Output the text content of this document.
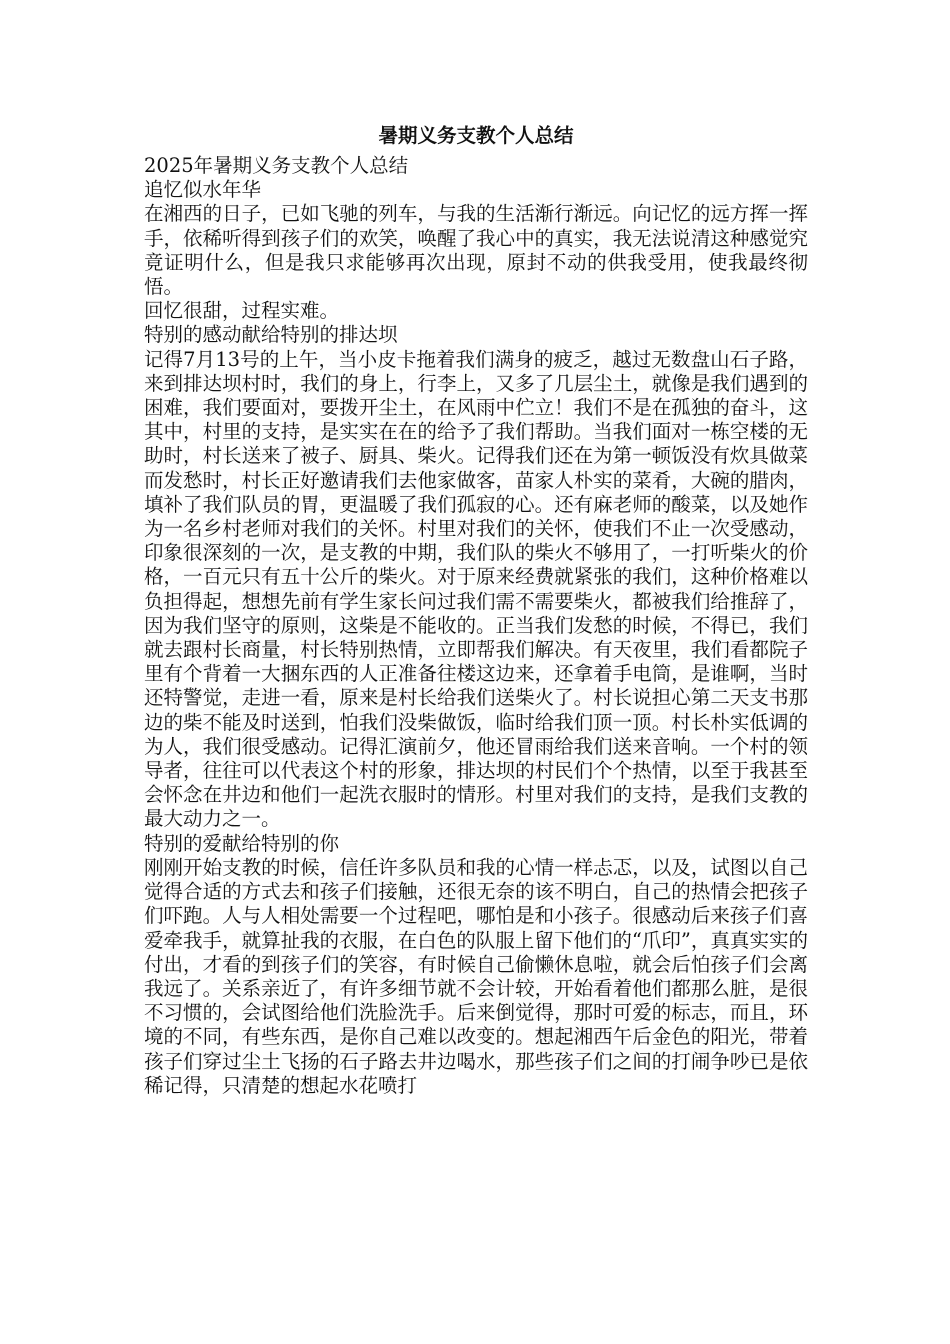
暑期义务支教个人总结

2025年暑期义务支教个人总结

追忆似水年华

在湘西的日子，已如飞驰的列车，与我的生活渐行渐远。向记忆的远方挥一挥手，依稀听得到孩子们的欢笑，唤醒了我心中的真实，我无法说清这种感觉究竟证明什么，但是我只求能够再次出现，原封不动的供我受用，使我最终彻悟。

回忆很甜，过程实难。

特别的感动献给特别的排达坝

记得7月13号的上午，当小皮卡拖着我们满身的疲乏，越过无数盘山石子路，来到排达坝村时，我们的身上，行李上，又多了几层尘土，就像是我们遇到的困难，我们要面对，要拨开尘土，在风雨中伫立！我们不是在孤独的奋斗，这其中，村里的支持，是实实在在的给予了我们帮助。当我们面对一栋空楼的无助时，村长送来了被子、厨具、柴火。记得我们还在为第一顿饭没有炊具做菜而发愁时，村长正好邀请我们去他家做客，苗家人朴实的菜肴，大碗的腊肉，填补了我们队员的胃，更温暖了我们孤寂的心。还有麻老师的酸菜，以及她作为一名乡村老师对我们的关怀。村里对我们的关怀，使我们不止一次受感动，印象很深刻的一次，是支教的中期，我们队的柴火不够用了，一打听柴火的价格，一百元只有五十公斤的柴火。对于原来经费就紧张的我们，这种价格难以负担得起，想想先前有学生家长问过我们需不需要柴火，都被我们给推辞了，因为我们坚守的原则，这柴是不能收的。正当我们发愁的时候，不得已，我们就去跟村长商量，村长特别热情，立即帮我们解决。有天夜里，我们看都院子里有个背着一大捆东西的人正准备往楼这边来，还拿着手电筒，是谁啊，当时还特警觉，走进一看，原来是村长给我们送柴火了。村长说担心第二天支书那边的柴不能及时送到，怕我们没柴做饭，临时给我们顶一顶。村长朴实低调的为人，我们很受感动。记得汇演前夕，他还冒雨给我们送来音响。一个村的领导者，往往可以代表这个村的形象，排达坝的村民们个个热情，以至于我甚至会怀念在井边和他们一起洗衣服时的情形。村里对我们的支持，是我们支教的最大动力之一。

特别的爱献给特别的你

刚刚开始支教的时候，信任许多队员和我的心情一样忐忑，以及，试图以自己觉得合适的方式去和孩子们接触，还很无奈的该不明白，自己的热情会把孩子们吓跑。人与人相处需要一个过程吧，哪怕是和小孩子。很感动后来孩子们喜爱牵我手，就算扯我的衣服，在白色的队服上留下他们的“爪印”，真真实实的付出，才看的到孩子们的笑容，有时候自己偷懒休息啦，就会后怕孩子们会离我远了。关系亲近了，有许多细节就不会计较，开始看着他们都那么脏，是很不习惯的，会试图给他们洗脸洗手。后来倒觉得，那时可爱的标志，而且，环境的不同，有些东西，是你自己难以改变的。想起湘西午后金色的阳光，带着孩子们穿过尘土飞扬的石子路去井边喝水，那些孩子们之间的打闹争吵已是依稀记得，只清楚的想起水花喷打
